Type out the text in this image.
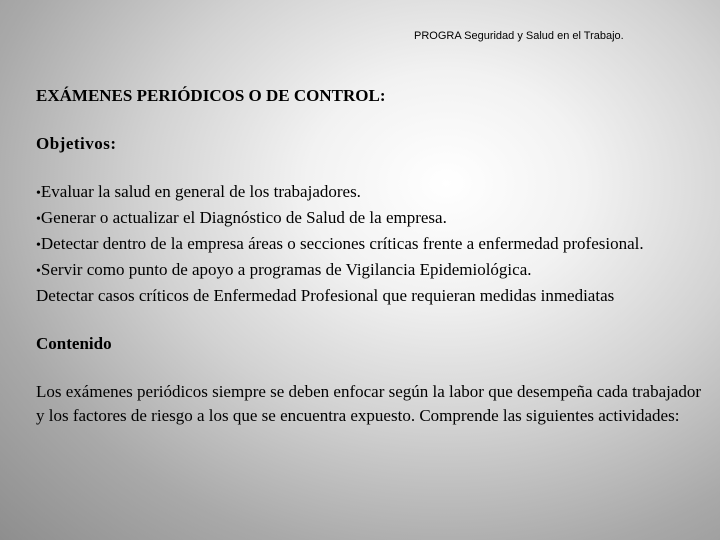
PROGRA Seguridad y Salud en el Trabajo.

EXÁMENES PERIÓDICOS O DE CONTROL:

Objetivos:

•Evaluar la salud en general de los trabajadores.

•Generar o actualizar el Diagnóstico de Salud de la empresa.

•Detectar dentro de la empresa áreas o secciones críticas frente a enfermedad profesional.

•Servir como punto de apoyo a programas de Vigilancia Epidemiológica.

Detectar casos críticos de Enfermedad Profesional que requieran medidas inmediatas

Contenido

Los exámenes periódicos siempre se deben enfocar según la labor que desempeña cada trabajador y los factores de riesgo a los que se encuentra expuesto. Comprende las siguientes actividades:
